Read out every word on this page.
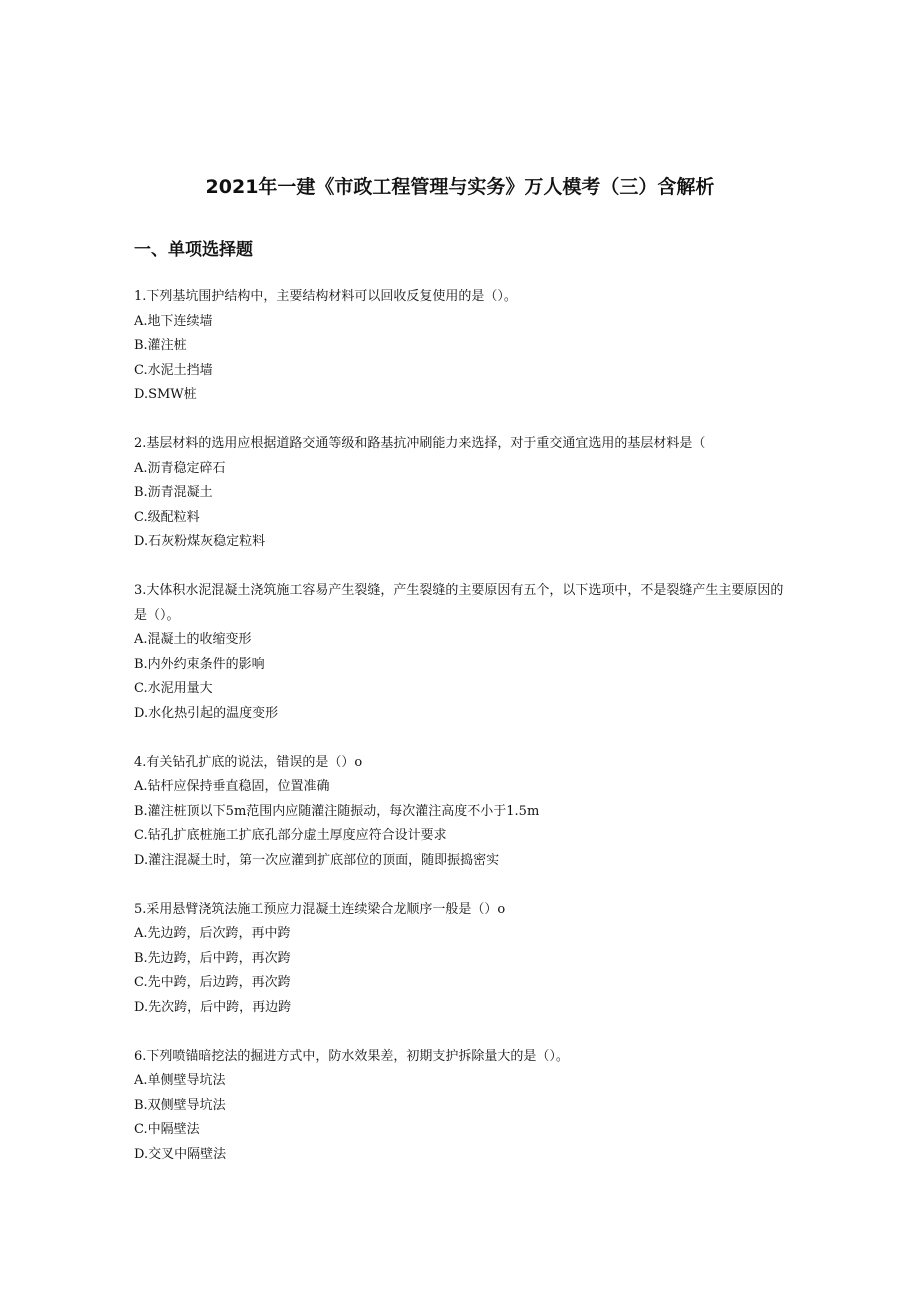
2021年一建《市政工程管理与实务》万人模考（三）含解析
一、单项选择题

1.下列基坑围护结构中，主要结构材料可以回收反复使用的是（）。

A.地下连续墙

B.灌注桩

C.水泥土挡墙

D.SMW桩

2.基层材料的选用应根据道路交通等级和路基抗冲刷能力来选择，对于重交通宜选用的基层材料是（

A.沥青稳定碎石

B.沥青混凝土

C.级配粒料

D.石灰粉煤灰稳定粒料

3.大体积水泥混凝土浇筑施工容易产生裂缝，产生裂缝的主要原因有五个，以下选项中，不是裂缝产生主要原因的是（）。

A.混凝土的收缩变形

B.内外约束条件的影响

C.水泥用量大

D.水化热引起的温度变形

4.有关钻孔扩底的说法，错误的是（）o

A.钻杆应保持垂直稳固，位置准确

B.灌注桩顶以下5m范围内应随灌注随振动，每次灌注高度不小于1.5m

C.钻孔扩底桩施工扩底孔部分虚土厚度应符合设计要求

D.灌注混凝土时，第一次应灌到扩底部位的顶面，随即振捣密实

5.采用悬臂浇筑法施工预应力混凝土连续梁合龙顺序一般是（）o

A.先边跨，后次跨，再中跨

B.先边跨，后中跨，再次跨

C.先中跨，后边跨，再次跨

D.先次跨，后中跨，再边跨

6.下列喷锚暗挖法的掘进方式中，防水效果差，初期支护拆除量大的是（）。

A.单侧壁导坑法

B.双侧壁导坑法

C.中隔壁法

D.交叉中隔壁法
